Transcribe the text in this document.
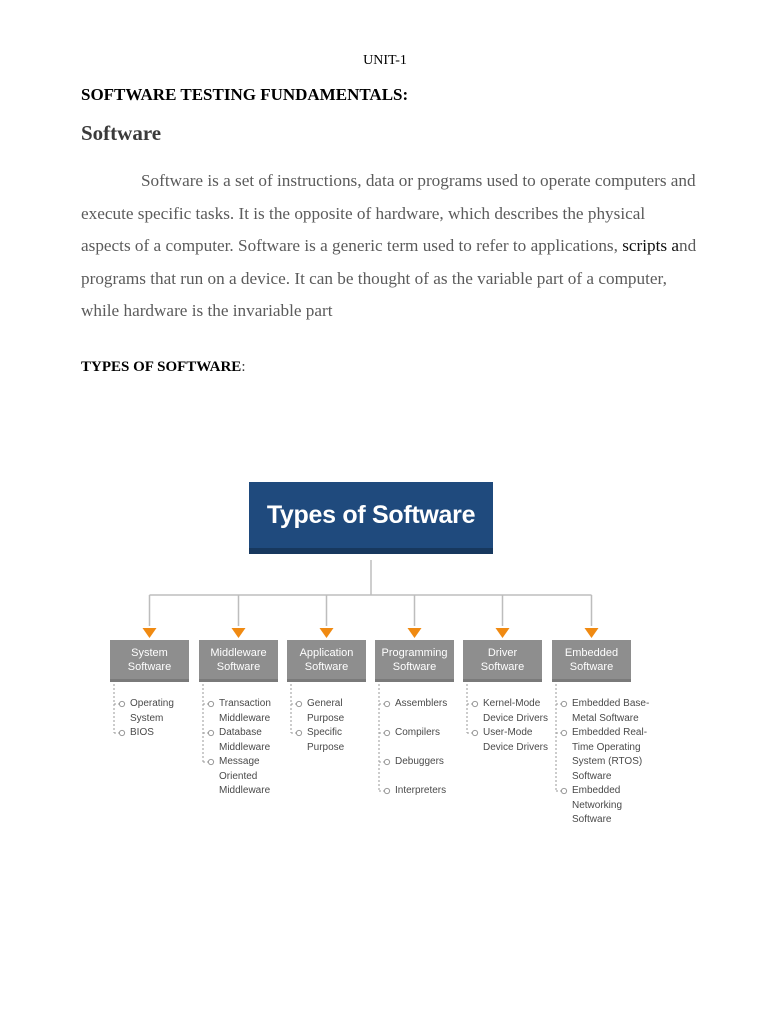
UNIT-1

SOFTWARE TESTING FUNDAMENTALS:
Software
Software is a set of instructions, data or programs used to operate computers and
execute specific tasks. It is the opposite of hardware, which describes the physical
aspects of a computer. Software is a generic term used to refer to applications, scripts and
programs that run on a device. It can be thought of as the variable part of a computer,
while hardware is the invariable part

TYPES OF SOFTWARE:

Types of Software
System Software
Operating System
BIOS
Middleware Software
Transaction Middleware
Database Middleware
Message Oriented Middleware
Application Software
General Purpose
Specific Purpose
Programming Software
Assemblers
Compilers
Debuggers
Interpreters
Driver Software
Kernel-Mode Device Drivers
User-Mode Device Drivers
Embedded Software
Embedded Base-Metal Software
Embedded Real-Time Operating System (RTOS) Software
Embedded Networking Software
